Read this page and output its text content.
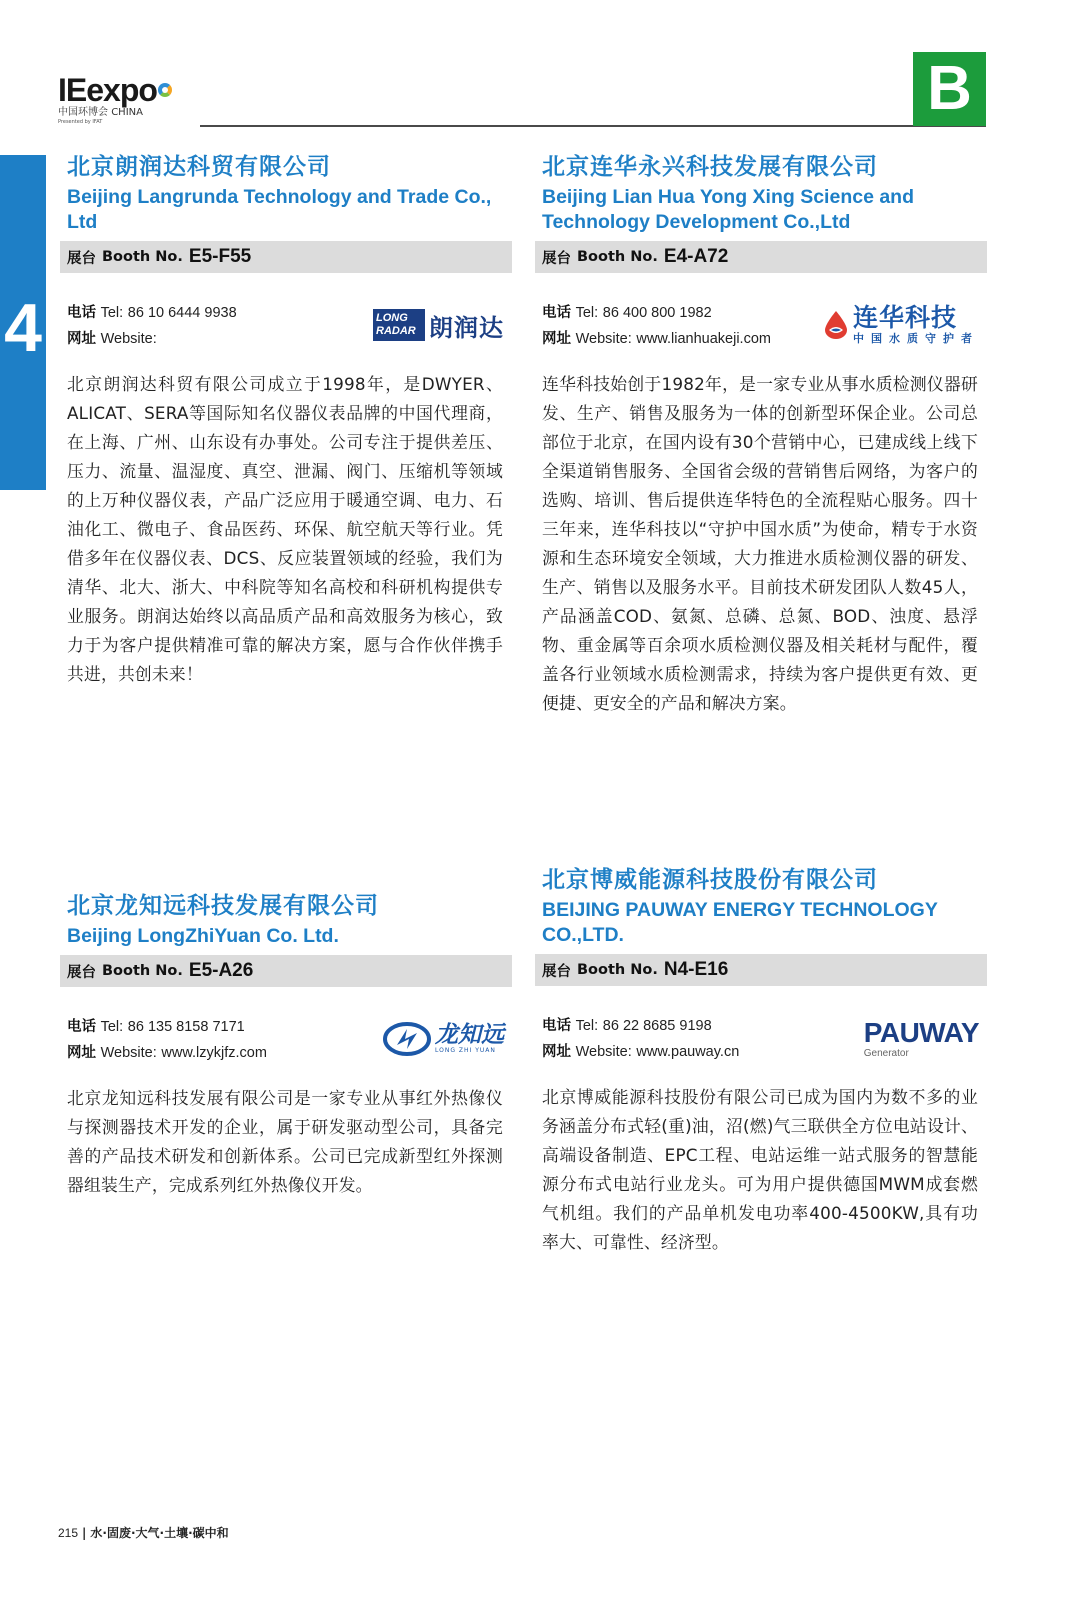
IEexpo
中国环博会 CHINA
Presented by IFAT	B
4
北京朗润达科贸有限公司
Beijing Langrunda Technology and Trade Co., Ltd
展台 Booth No. E5-F55
电话 Tel: 86 10 6444 9938
网址 Website:
LONG
RADAR 朗润达
北京朗润达科贸有限公司成立于1998年，是DWYER、ALICAT、SERA等国际知名仪器仪表品牌的中国代理商，在上海、广州、山东设有办事处。公司专注于提供差压、压力、流量、温湿度、真空、泄漏、阀门、压缩机等领域的上万种仪器仪表，产品广泛应用于暖通空调、电力、石油化工、微电子、食品医药、环保、航空航天等行业。凭借多年在仪器仪表、DCS、反应装置领域的经验，我们为清华、北大、浙大、中科院等知名高校和科研机构提供专业服务。朗润达始终以高品质产品和高效服务为核心，致力于为客户提供精准可靠的解决方案，愿与合作伙伴携手共进，共创未来！
北京连华永兴科技发展有限公司
Beijing Lian Hua Yong Xing Science and Technology Development Co.,Ltd
展台 Booth No. E4-A72
电话 Tel: 86 400 800 1982
网址 Website: www.lianhuakeji.com
连华科技
中国水质守护者
连华科技始创于1982年，是一家专业从事水质检测仪器研发、生产、销售及服务为一体的创新型环保企业。公司总部位于北京，在国内设有30个营销中心，已建成线上线下全渠道销售服务、全国省会级的营销售后网络，为客户的选购、培训、售后提供连华特色的全流程贴心服务。四十三年来，连华科技以“守护中国水质”为使命，精专于水资源和生态环境安全领域，大力推进水质检测仪器的研发、生产、销售以及服务水平。目前技术研发团队人数45人，产品涵盖COD、氨氮、总磷、总氮、BOD、浊度、悬浮物、重金属等百余项水质检测仪器及相关耗材与配件，覆盖各行业领域水质检测需求，持续为客户提供更有效、更便捷、更安全的产品和解决方案。
北京龙知远科技发展有限公司
Beijing LongZhiYuan Co. Ltd.
展台 Booth No. E5-A26
电话 Tel: 86 135 8158 7171
网址 Website: www.lzykjfz.com
龙知远
LONG ZHI YUAN
北京龙知远科技发展有限公司是一家专业从事红外热像仪与探测器技术开发的企业，属于研发驱动型公司，具备完善的产品技术研发和创新体系。公司已完成新型红外探测器组装生产，完成系列红外热像仪开发。
北京博威能源科技股份有限公司
BEIJING PAUWAY ENERGY TECHNOLOGY CO.,LTD.
展台 Booth No. N4-E16
电话 Tel: 86 22 8685 9198
网址 Website: www.pauway.cn
PAUWAY
Generator
北京博威能源科技股份有限公司已成为国内为数不多的业务涵盖分布式轻(重)油，沼(燃)气三联供全方位电站设计、高端设备制造、EPC工程、电站运维一站式服务的智慧能源分布式电站行业龙头。可为用户提供德国MWM成套燃气机组。我们的产品单机发电功率400-4500KW,具有功率大、可靠性、经济型。
215 | 水·固废·大气·土壤·碳中和
